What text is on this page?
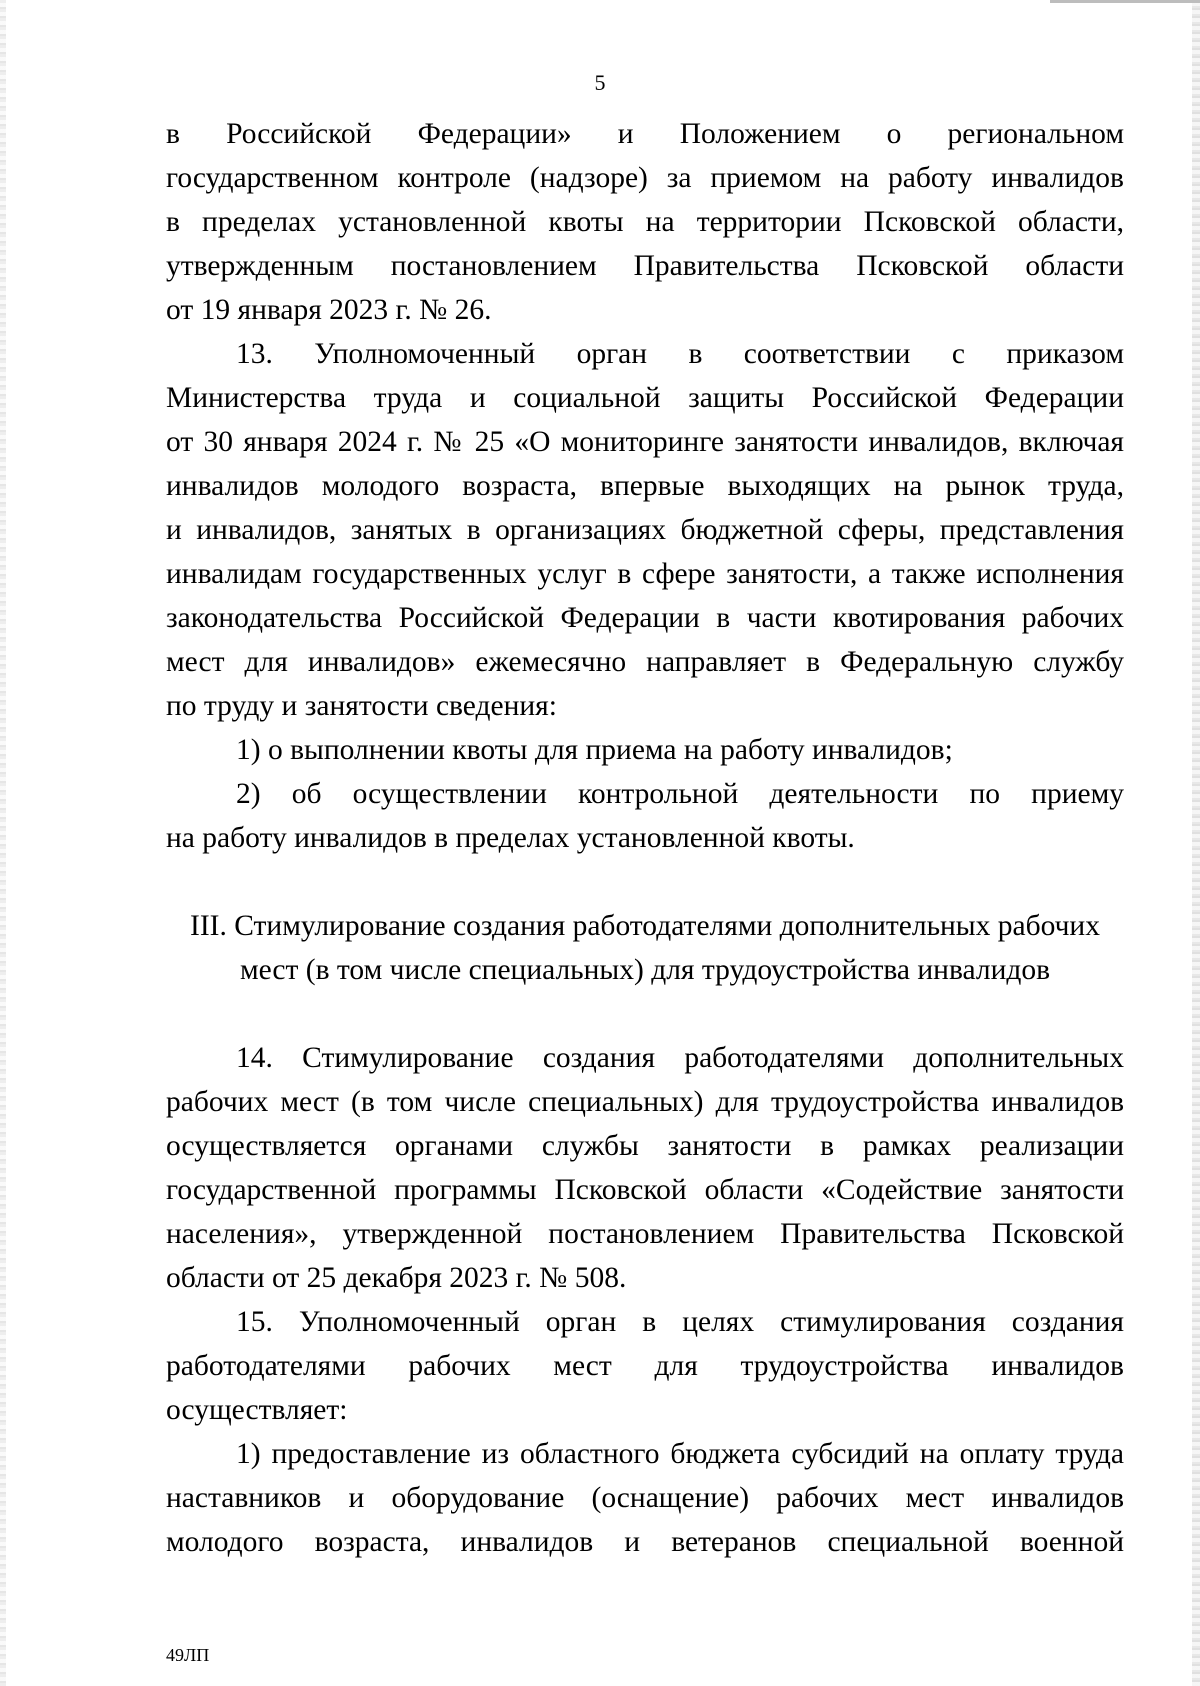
5
в Российской Федерации» и Положением о региональном
государственном контроле (надзоре) за приемом на работу инвалидов
в пределах установленной квоты на территории Псковской области,
утвержденным постановлением Правительства Псковской области
от 19 января 2023 г. № 26.
13. Уполномоченный орган в соответствии с приказом
Министерства труда и социальной защиты Российской Федерации
от 30 января 2024 г. № 25 «О мониторинге занятости инвалидов, включая
инвалидов молодого возраста, впервые выходящих на рынок труда,
и инвалидов, занятых в организациях бюджетной сферы, представления
инвалидам государственных услуг в сфере занятости, а также исполнения
законодательства Российской Федерации в части квотирования рабочих
мест для инвалидов» ежемесячно направляет в Федеральную службу
по труду и занятости сведения:
1) о выполнении квоты для приема на работу инвалидов;
2) об осуществлении контрольной деятельности по приему
на работу инвалидов в пределах установленной квоты.
III. Стимулирование создания работодателями дополнительных рабочих
мест (в том числе специальных) для трудоустройства инвалидов
14. Стимулирование создания работодателями дополнительных
рабочих мест (в том числе специальных) для трудоустройства инвалидов
осуществляется органами службы занятости в рамках реализации
государственной программы Псковской области «Содействие занятости
населения», утвержденной постановлением Правительства Псковской
области от 25 декабря 2023 г. № 508.
15. Уполномоченный орган в целях стимулирования создания
работодателями рабочих мест для трудоустройства инвалидов
осуществляет:
1) предоставление из областного бюджета субсидий на оплату труда
наставников и оборудование (оснащение) рабочих мест инвалидов
молодого возраста, инвалидов и ветеранов специальной военной
49ЛП
